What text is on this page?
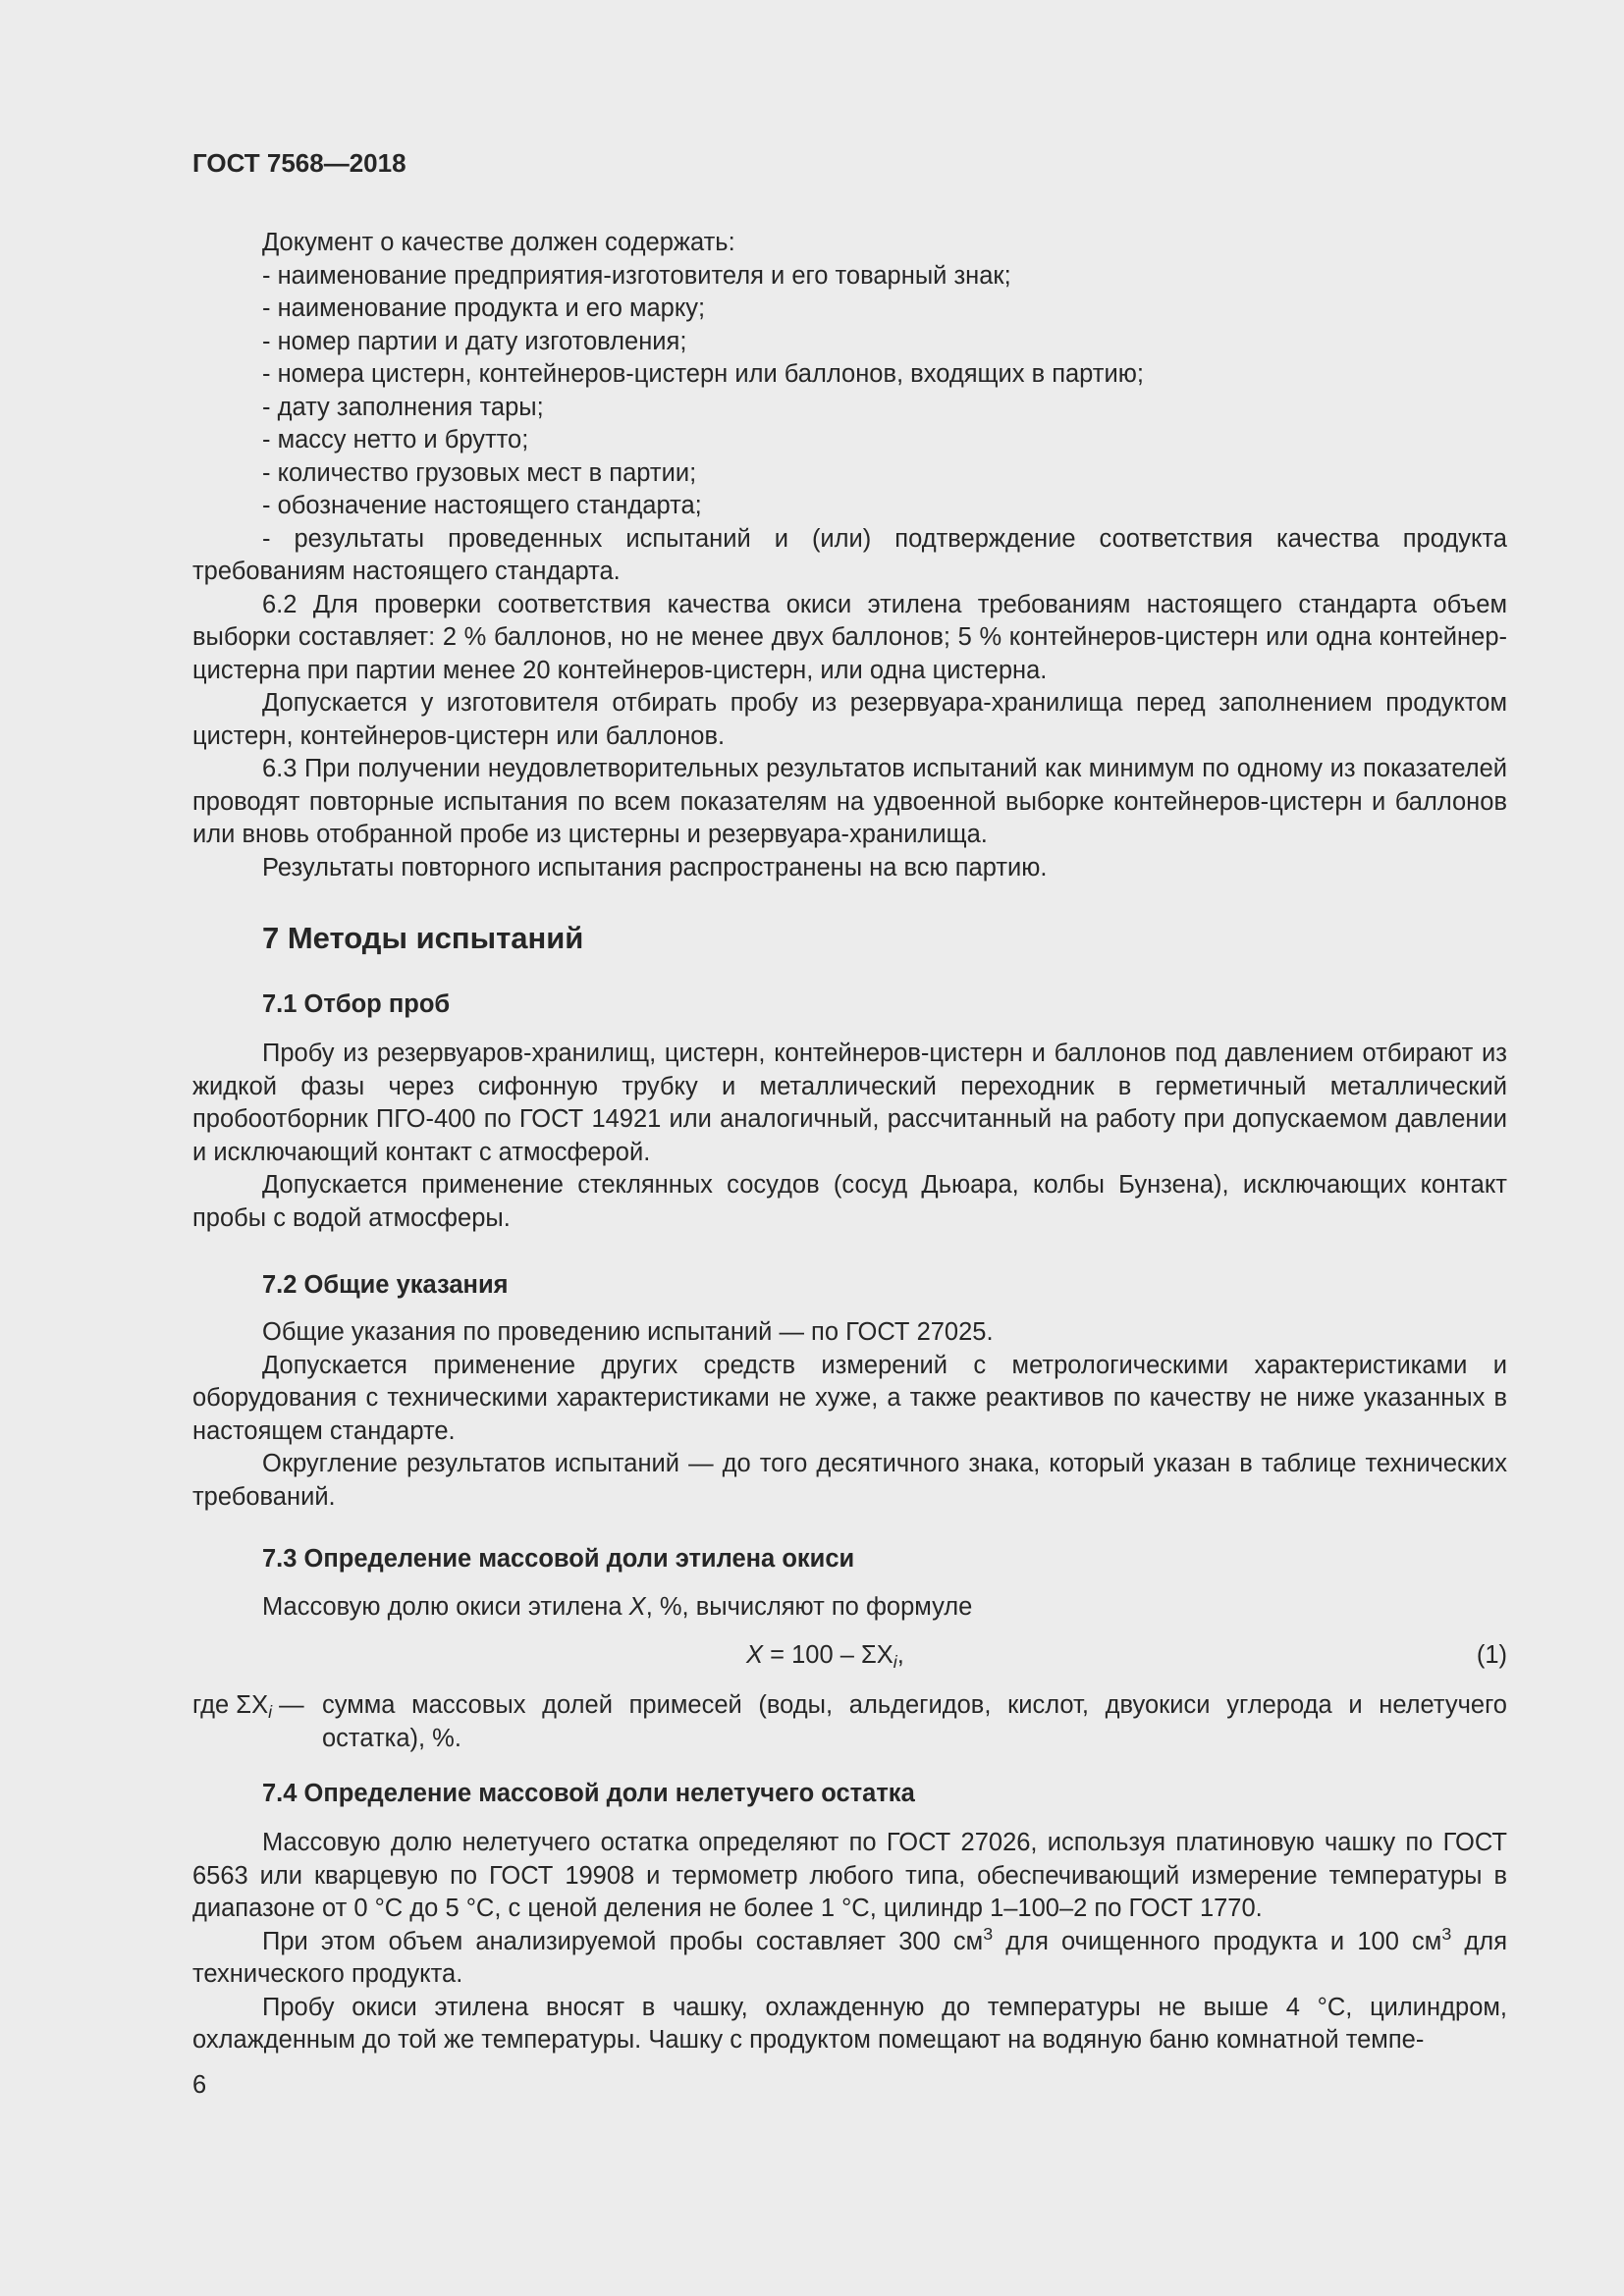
ГОСТ 7568—2018

Документ о качестве должен содержать:

- наименование предприятия-изготовителя и его товарный знак;

- наименование продукта и его марку;

- номер партии и дату изготовления;

- номера цистерн, контейнеров-цистерн или баллонов, входящих в партию;

- дату заполнения тары;

- массу нетто и брутто;

- количество грузовых мест в партии;

- обозначение настоящего стандарта;

- результаты проведенных испытаний и (или) подтверждение соответствия качества продукта требованиям настоящего стандарта.

6.2 Для проверки соответствия качества окиси этилена требованиям настоящего стандарта объем выборки составляет: 2 % баллонов, но не менее двух баллонов; 5 % контейнеров-цистерн или одна контейнер-цистерна при партии менее 20 контейнеров-цистерн, или одна цистерна.

Допускается у изготовителя отбирать пробу из резервуара-хранилища перед заполнением продуктом цистерн, контейнеров-цистерн или баллонов.

6.3 При получении неудовлетворительных результатов испытаний как минимум по одному из показателей проводят повторные испытания по всем показателям на удвоенной выборке контейнеров-цистерн и баллонов или вновь отобранной пробе из цистерны и резервуара-хранилища.

Результаты повторного испытания распространены на всю партию.

7 Методы испытаний
7.1 Отбор проб

Пробу из резервуаров-хранилищ, цистерн, контейнеров-цистерн и баллонов под давлением отбирают из жидкой фазы через сифонную трубку и металлический переходник в герметичный металлический пробоотборник ПГО-400 по ГОСТ 14921 или аналогичный, рассчитанный на работу при допускаемом давлении и исключающий контакт с атмосферой.

Допускается применение стеклянных сосудов (сосуд Дьюара, колбы Бунзена), исключающих контакт пробы с водой атмосферы.

7.2 Общие указания

Общие указания по проведению испытаний — по ГОСТ 27025.

Допускается применение других средств измерений с метрологическими характеристиками и оборудования с техническими характеристиками не хуже, а также реактивов по качеству не ниже указанных в настоящем стандарте.

Округление результатов испытаний — до того десятичного знака, который указан в таблице технических требований.

7.3 Определение массовой доли этилена окиси

Массовую долю окиси этилена X, %, вычисляют по формуле

$X = 100 - \Sigma X_i$,	(1)
где $\Sigma X_i$ — сумма массовых долей примесей (воды, альдегидов, кислот, двуокиси углерода и нелетучего остатка), %.
7.4 Определение массовой доли нелетучего остатка

Массовую долю нелетучего остатка определяют по ГОСТ 27026, используя платиновую чашку по ГОСТ 6563 или кварцевую по ГОСТ 19908 и термометр любого типа, обеспечивающий измерение температуры в диапазоне от 0 °С до 5 °С, с ценой деления не более 1 °С, цилиндр 1–100–2 по ГОСТ 1770.

При этом объем анализируемой пробы составляет 300 $см^3$ для очищенного продукта и 100 $см^3$ для технического продукта.

Пробу окиси этилена вносят в чашку, охлажденную до температуры не выше 4 °С, цилиндром, охлажденным до той же температуры. Чашку с продуктом помещают на водяную баню комнатной темпе-

6
